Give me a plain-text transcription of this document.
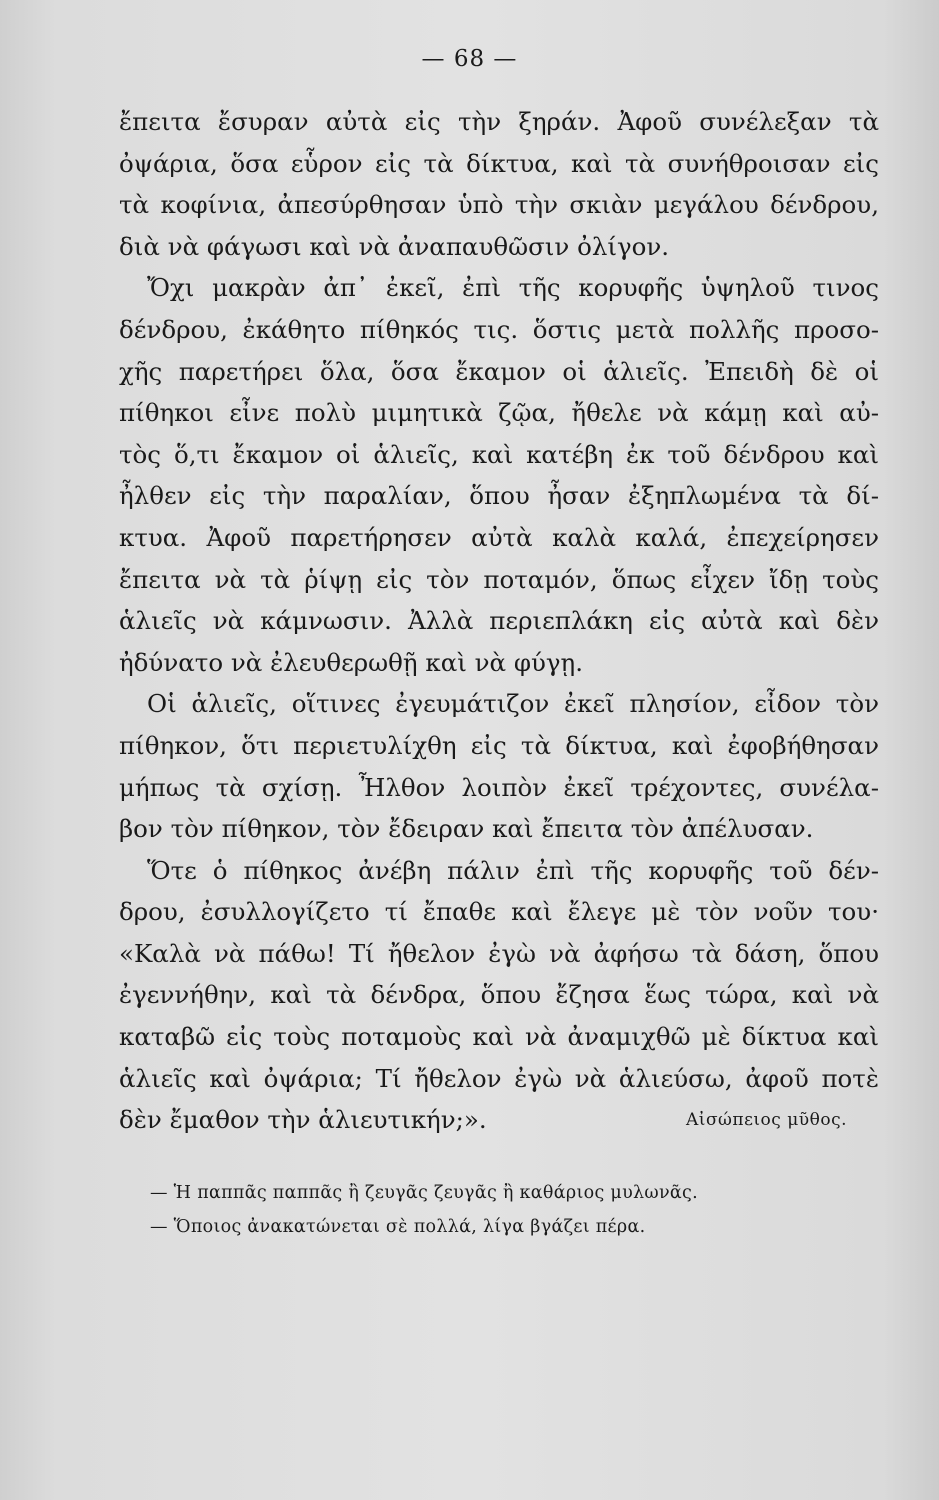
— 68 —
ἔπειτα ἔσυραν αὐτὰ εἰς τὴν ξηράν. Ἀφοῦ συνέλεξαν τὰ
ὀψάρια, ὅσα εὗρον εἰς τὰ δίκτυα, καὶ τὰ συνήθροισαν εἰς
τὰ κοφίνια, ἀπεσύρθησαν ὑπὸ τὴν σκιὰν μεγάλου δένδρου,
διὰ νὰ φάγωσι καὶ νὰ ἀναπαυθῶσιν ὀλίγον.
Ὄχι μακρὰν ἀπ᾽ ἐκεῖ, ἐπὶ τῆς κορυφῆς ὑψηλοῦ τινος
δένδρου, ἐκάθητο πίθηκός τις. ὅστις μετὰ πολλῆς προσο-
χῆς παρετήρει ὅλα, ὅσα ἔκαμον οἱ ἁλιεῖς. Ἐπειδὴ δὲ οἱ
πίθηκοι εἶνε πολὺ μιμητικὰ ζῷα, ἤθελε νὰ κάμῃ καὶ αὐ-
τὸς ὅ,τι ἔκαμον οἱ ἁλιεῖς, καὶ κατέβη ἐκ τοῦ δένδρου καὶ
ἦλθεν εἰς τὴν παραλίαν, ὅπου ἦσαν ἐξηπλωμένα τὰ δί-
κτυα. Ἀφοῦ παρετήρησεν αὐτὰ καλὰ καλά, ἐπεχείρησεν
ἔπειτα νὰ τὰ ῥίψῃ εἰς τὸν ποταμόν, ὅπως εἶχεν ἴδῃ τοὺς
ἁλιεῖς νὰ κάμνωσιν. Ἀλλὰ περιεπλάκη εἰς αὐτὰ καὶ δὲν
ἠδύνατο νὰ ἐλευθερωθῇ καὶ νὰ φύγῃ.
Οἱ ἁλιεῖς, οἵτινες ἐγευμάτιζον ἐκεῖ πλησίον, εἶδον τὸν
πίθηκον, ὅτι περιετυλίχθη εἰς τὰ δίκτυα, καὶ ἐφοβήθησαν
μήπως τὰ σχίσῃ. Ἦλθον λοιπὸν ἐκεῖ τρέχοντες, συνέλα-
βον τὸν πίθηκον, τὸν ἔδειραν καὶ ἔπειτα τὸν ἀπέλυσαν.
Ὅτε ὁ πίθηκος ἀνέβη πάλιν ἐπὶ τῆς κορυφῆς τοῦ δέν-
δρου, ἐσυλλογίζετο τί ἔπαθε καὶ ἔλεγε μὲ τὸν νοῦν του·
«Καλὰ νὰ πάθω! Τί ἤθελον ἐγὼ νὰ ἀφήσω τὰ δάση, ὅπου
ἐγεννήθην, καὶ τὰ δένδρα, ὅπου ἔζησα ἕως τώρα, καὶ νὰ
καταβῶ εἰς τοὺς ποταμοὺς καὶ νὰ ἀναμιχθῶ μὲ δίκτυα καὶ
ἁλιεῖς καὶ ὀψάρια; Τί ἤθελον ἐγὼ νὰ ἁλιεύσω, ἀφοῦ ποτὲ
δὲν ἔμαθον τὴν ἁλιευτικήν;».	Αἰσώπειος μῦθος.
— Ἡ παππᾶς παππᾶς ἢ ζευγᾶς ζευγᾶς ἢ καθάριος μυλωνᾶς.
— Ὅποιος ἀνακατώνεται σὲ πολλά, λίγα βγάζει πέρα.
